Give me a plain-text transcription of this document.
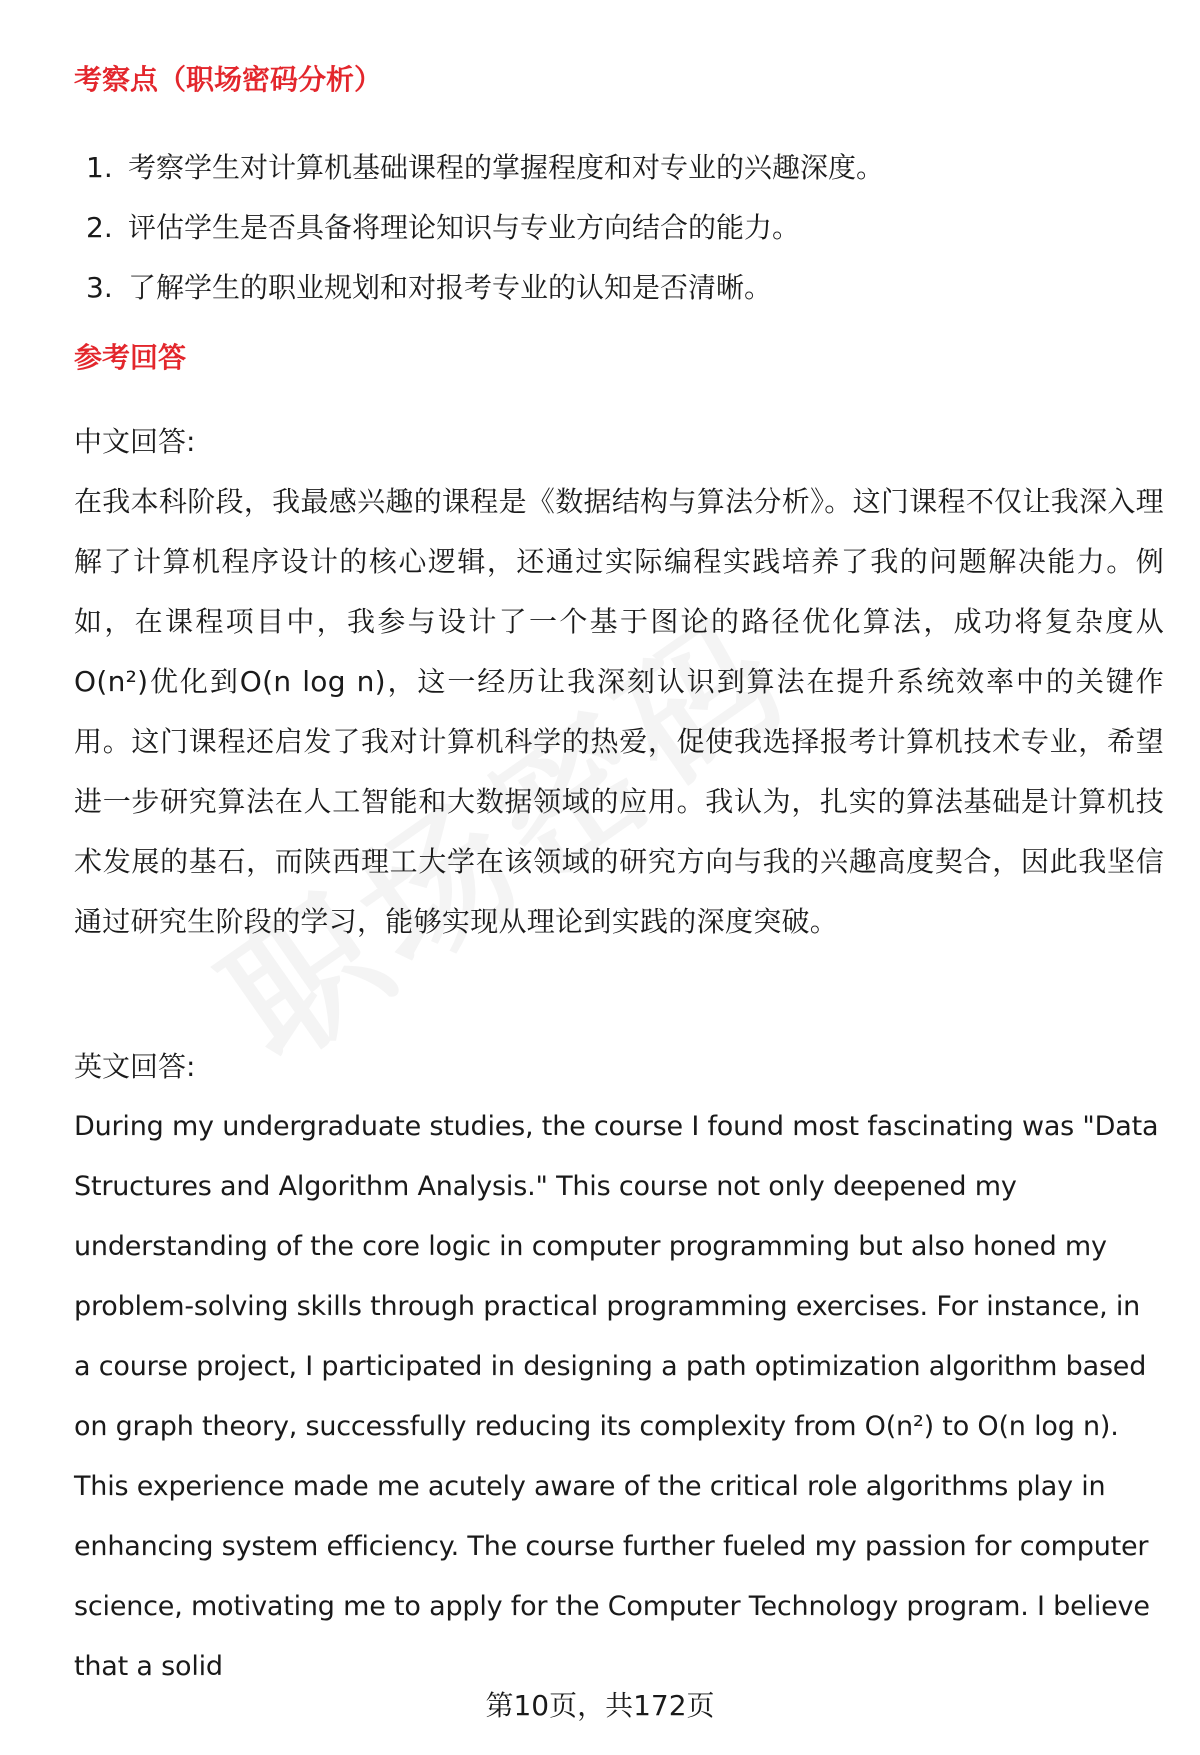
考察点（职场密码分析）
1. 考察学生对计算机基础课程的掌握程度和对专业的兴趣深度。
2. 评估学生是否具备将理论知识与专业方向结合的能力。
3. 了解学生的职业规划和对报考专业的认知是否清晰。
参考回答

中文回答:

在我本科阶段，我最感兴趣的课程是《数据结构与算法分析》。这门课程不仅让我深入理解了计算机程序设计的核心逻辑，还通过实际编程实践培养了我的问题解决能力。例如，在课程项目中，我参与设计了一个基于图论的路径优化算法，成功将复杂度从O(n²)优化到O(n log n)，这一经历让我深刻认识到算法在提升系统效率中的关键作用。这门课程还启发了我对计算机科学的热爱，促使我选择报考计算机技术专业，希望进一步研究算法在人工智能和大数据领域的应用。我认为，扎实的算法基础是计算机技术发展的基石，而陕西理工大学在该领域的研究方向与我的兴趣高度契合，因此我坚信通过研究生阶段的学习，能够实现从理论到实践的深度突破。

英文回答:

During my undergraduate studies, the course I found most fascinating was "Data Structures and Algorithm Analysis." This course not only deepened my understanding of the core logic in computer programming but also honed my problem-solving skills through practical programming exercises. For instance, in a course project, I participated in designing a path optimization algorithm based on graph theory, successfully reducing its complexity from O(n²) to O(n log n). This experience made me acutely aware of the critical role algorithms play in enhancing system efficiency. The course further fueled my passion for computer science, motivating me to apply for the Computer Technology program. I believe that a solid

第10页，共172页
